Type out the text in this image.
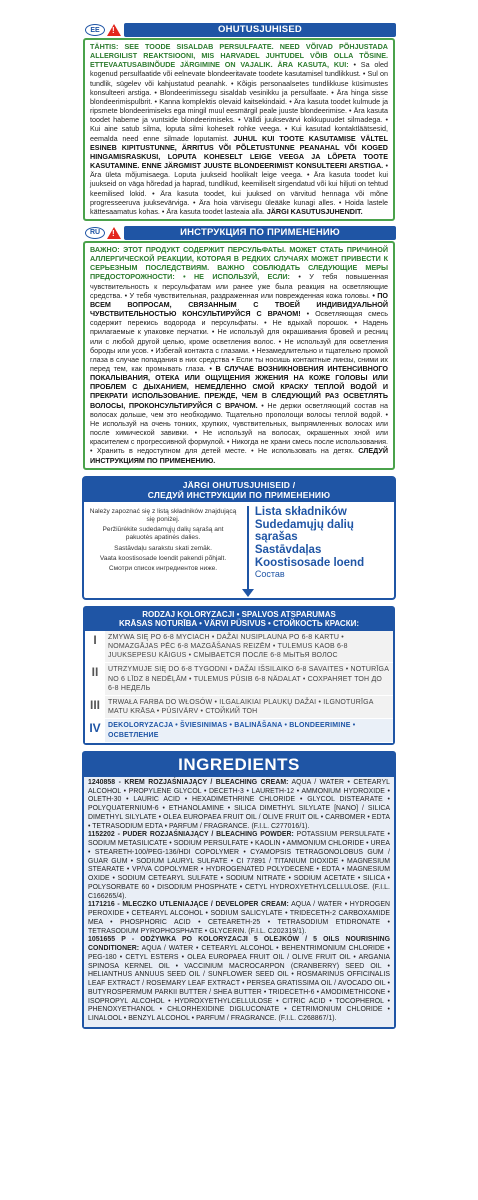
EE	!	OHUTUSJUHISED
TÄHTIS: SEE TOODE SISALDAB PERSULFAATE. NEED VÕIVAD PÕHJUSTADA ALLERGILIST REAKTSIOONI, MIS HARVADEL JUHTUDEL VÕIB OLLA TÕSINE. ETTEVAATUSABINÕUDE JÄRGIMINE ON VAJALIK. ÄRA KASUTA, KUI: • Sa oled kogenud persulfaatide või eelnevate blondeeritavate toodete kasutamisel tundlikkust. • Sul on tundlik, sügelev või kahjustatud peanahk. • Kõigis personaalsetes tundlikkuse küsimustes konsulteeri arstiga. • Blondeerimissegu sisaldab vesinikku ja persulfaate. • Ära hinga sisse blondeerimispulbrit. • Kanna komplektis olevaid kaitsekindaid. • Ära kasuta toodet kulmude ja ripsmete blondeerimiseks ega mingil muul eesmärgil peale juuste blondeerimise. • Ära kasuta toodet habeme ja vuntside blondeerimiseks. • Välldi juuksevärvi kokkupuudet silmadega. • Kui aine satub silma, loputa silmi koheselt rohke veega. • Kui kasutad kontaktläätsesid, eemalda need enne silmade loputamist. JUHUL KUI TOOTE KASUTAMISE VÄLTEL ESINEB KIPITUSTUNNE, ÄRRITUS VÕI PÕLETUSTUNNE PEANAHAL VÕI KOGED HINGAMISRASKUSI, LOPUTA KOHESELT LEIGE VEEGA JA LÕPETA TOOTE KASUTAMINE. ENNE JÄRGMIST JUUSTE BLONDEERIMIST KONSULTEERI ARSTIGA. • Ära ületa mõjumisaega. Loputa juukseid hoolikalt leige veega. • Ära kasuta toodet kui juukseid on väga hõredad ja haprad, tundlikud, keemiliselt sirgendatud või kui hiljuti on tehtud keemilised lokid. • Ära kasuta toodet, kui juuksed on värvitud hennaga või mõne progresseeruva juuksevärviga. • Ära hoia värvisegu üleääke kunagi alles. • Hoida lastele kättesaamatus kohas. • Ära kasuta toodet lasteaia alla. JÄRGI KASUTUSJUHENDIT.
RU	!	ИНСТРУКЦИЯ ПО ПРИМЕНЕНИЮ
ВАЖНО: ЭТОТ ПРОДУКТ СОДЕРЖИТ ПЕРСУЛЬФАТЫ. МОЖЕТ СТАТЬ ПРИЧИНОЙ АЛЛЕРГИЧЕСКОЙ РЕАКЦИИ, КОТОРАЯ В РЕДКИХ СЛУЧАЯХ МОЖЕТ ПРИВЕСТИ К СЕРЬЕЗНЫМ ПОСЛЕДСТВИЯМ. ВАЖНО СОБЛЮДАТЬ СЛЕДУЮЩИЕ МЕРЫ ПРЕДОСТОРОЖНОСТИ: • НЕ ИСПОЛЬЗУЙ, ЕСЛИ: • У тебя повышенная чувствительность к персульфатам или ранее уже была реакция на осветляющие средства. • У тебя чувствительная, раздраженная или поврежденная кожа головы. • ПО ВСЕМ ВОПРОСАМ, СВЯЗАННЫМ С ТВОЕЙ ИНДИВИДУАЛЬНОЙ ЧУВСТВИТЕЛЬНОСТЬЮ КОНСУЛЬТИРУЙСЯ С ВРАЧОМ! • Осветляющая смесь содержит перекись водорода и персульфаты. • Не вдыхай порошок. • Надень прилагаемые к упаковке перчатки. • Не используй для окрашивания бровей и ресниц или с любой другой целью, кроме осветления волос. • Не используй для осветления бороды или усов. • Избегай контакта с глазами. • Незамедлительно и тщательно промой глаза в случае попадания в них средства • Если ты носишь контактные линзы, сними их перед тем, как промывать глаза. • В СЛУЧАЕ ВОЗНИКНОВЕНИЯ ИНТЕНСИВНОГО ПОКАЛЫВАНИЯ, ОТЕКА ИЛИ ОЩУЩЕНИЯ ЖЖЕНИЯ НА КОЖЕ ГОЛОВЫ ИЛИ ПРОБЛЕМ С ДЫХАНИЕМ, НЕМЕДЛЕННО СМОЙ КРАСКУ ТЕПЛОЙ ВОДОЙ И ПРЕКРАТИ ИСПОЛЬЗОВАНИЕ. ПРЕЖДЕ, ЧЕМ В СЛЕДУЮЩИЙ РАЗ ОСВЕТЛЯТЬ ВОЛОСЫ, ПРОКОНСУЛЬТИРУЙСЯ С ВРАЧОМ. • Не держи осветляющий состав на волосах дольше, чем это необходимо. Тщательно прополощи волосы теплой водой. • Не используй на очень тонких, хрупких, чувствительных, выпрямленных волосах или после химической завивки. • Не используй на волосах, окрашенных хной или красителем с прогрессивной формулой. • Никогда не храни смесь после использования. • Хранить в недоступном для детей месте. • Не использовать на детях. СЛЕДУЙ ИНСТРУКЦИЯМ ПО ПРИМЕНЕНИЮ.
JÄRGI OHUTUSJUHISEID /
СЛЕДУЙ ИНСТРУКЦИИ ПО ПРИМЕНЕНИЮ
Należy zapoznać się z listą składników znajdującą się poniżej.
Peržiūrėkite sudedamųjų dalių sąrašą ant pakuotės apatinės dalies.
Sastāvdaļu sarakstu skati zemāk.
Vaata koostisosade loendit pakendi põhjalt.
Смотри список ингредиентов ниже.
Lista składników
Sudedamųjų dalių sąrašas
Sastāvdaļas
Koostisosade loend
Состав
RODZAJ KOLORYZACJI • SPALVOS ATSPARUMAS
KRĀSAS NOTURĪBA • VÄRVI PÜSIVUS • СТОЙКОСТЬ КРАСКИ:
I	ZMYWA SIĘ PO 6-8 MYCIACH • DAŽAI NUSIPLAUNA PO 6-8 KARTU • NOMAZGĀJAS PĒC 6-8 MAZGĀŠANAS REIZĒM • TULEMUS KAOB 6-8 JUUKSEPESU KÄIGUS • СМЫВАЕТСЯ ПОСЛЕ 6-8 МЫТЬЯ ВОЛОС
II	UTRZYMUJE SIĘ DO 6-8 TYGODNI • DAŽAI IŠSILAIKO 6-8 SAVAITES • NOTURĪGA NO 6 LĪDZ 8 NEDĒĻĀM • TULEMUS PÜSIB 6-8 NÄDALAT • СОХРАНЯЕТ ТОН ДО 6-8 НЕДЕЛЬ
III	TRWAŁA FARBA DO WŁOSÓW • ILGALAIKIAI PLAUKŲ DAŽAI • ILGNOTURĪGA MATU KRĀSA • PÜSIVÄRV • СТОЙКИЙ ТОН
IV	DEKOLORYZACJA • ŠVIESINIMAS • BALINĀŠANA • BLONDEERIMINE • ОСВЕТЛЕНИЕ
INGREDIENTS
1240858 - KREM ROZJAŚNIAJĄCY / BLEACHING CREAM: AQUA / WATER • CETEARYL ALCOHOL • PROPYLENE GLYCOL • DECETH-3 • LAURETH-12 • AMMONIUM HYDROXIDE • OLETH-30 • LAURIC ACID • HEXADIMETHRINE CHLORIDE • GLYCOL DISTEARATE • POLYQUATERNIUM-6 • ETHANOLAMINE • SILICA DIMETHYL SILYLATE [NANO] / SILICA DIMETHYL SILYLATE • OLEA EUROPAEA FRUIT OIL / OLIVE FRUIT OIL • CARBOMER • EDTA • TETRASODIUM EDTA • PARFUM / FRAGRANCE. (F.I.L. C277016/1).
1152202 - PUDER ROZJAŚNIAJĄCY / BLEACHING POWDER: POTASSIUM PERSULFATE • SODIUM METASILICATE • SODIUM PERSULFATE • KAOLIN • AMMONIUM CHLORIDE • UREA • STEARETH-100/PEG-136/HDI COPOLYMER • CYAMOPSIS TETRAGONOLOBUS GUM / GUAR GUM • SODIUM LAURYL SULFATE • CI 77891 / TITANIUM DIOXIDE • MAGNESIUM STEARATE • VP/VA COPOLYMER • HYDROGENATED POLYDECENE • EDTA • MAGNESIUM OXIDE • SODIUM CETEARYL SULFATE • SODIUM NITRATE • SODIUM ACETATE • SILICA • POLYSORBATE 60 • DISODIUM PHOSPHATE • CETYL HYDROXYETHYLCELLULOSE. (F.I.L. C166265/4).
1171216 - MLECZKO UTLENIAJĄCE / DEVELOPER CREAM: AQUA / WATER • HYDROGEN PEROXIDE • CETEARYL ALCOHOL • SODIUM SALICYLATE • TRIDECETH-2 CARBOXAMIDE MEA • PHOSPHORIC ACID • CETEARETH-25 • TETRASODIUM ETIDRONATE • TETRASODIUM PYROPHOSPHATE • GLYCERIN. (F.I.L. C202319/1).
1051655 P - ODŻYWKA PO KOLORYZACJI 5 OLEJKÓW / 5 OILS NOURISHING CONDITIONER: AQUA / WATER • CETEARYL ALCOHOL • BEHENTRIMONIUM CHLORIDE • PEG-180 • CETYL ESTERS • OLEA EUROPAEA FRUIT OIL / OLIVE FRUIT OIL • ARGANIA SPINOSA KERNEL OIL • VACCINIUM MACROCARPON (CRANBERRY) SEED OIL • HELIANTHUS ANNUUS SEED OIL / SUNFLOWER SEED OIL • ROSMARINUS OFFICINALIS LEAF EXTRACT / ROSEMARY LEAF EXTRACT • PERSEA GRATISSIMA OIL / AVOCADO OIL • BUTYROSPERMUM PARKII BUTTER / SHEA BUTTER • TRIDECETH-6 • AMODIMETHICONE • ISOPROPYL ALCOHOL • HYDROXYETHYLCELLULOSE • CITRIC ACID • TOCOPHEROL • PHENOXYETHANOL • CHLORHEXIDINE DIGLUCONATE • CETRIMONIUM CHLORIDE • LINALOOL • BENZYL ALCOHOL • PARFUM / FRAGRANCE. (F.I.L. C268867/1).
